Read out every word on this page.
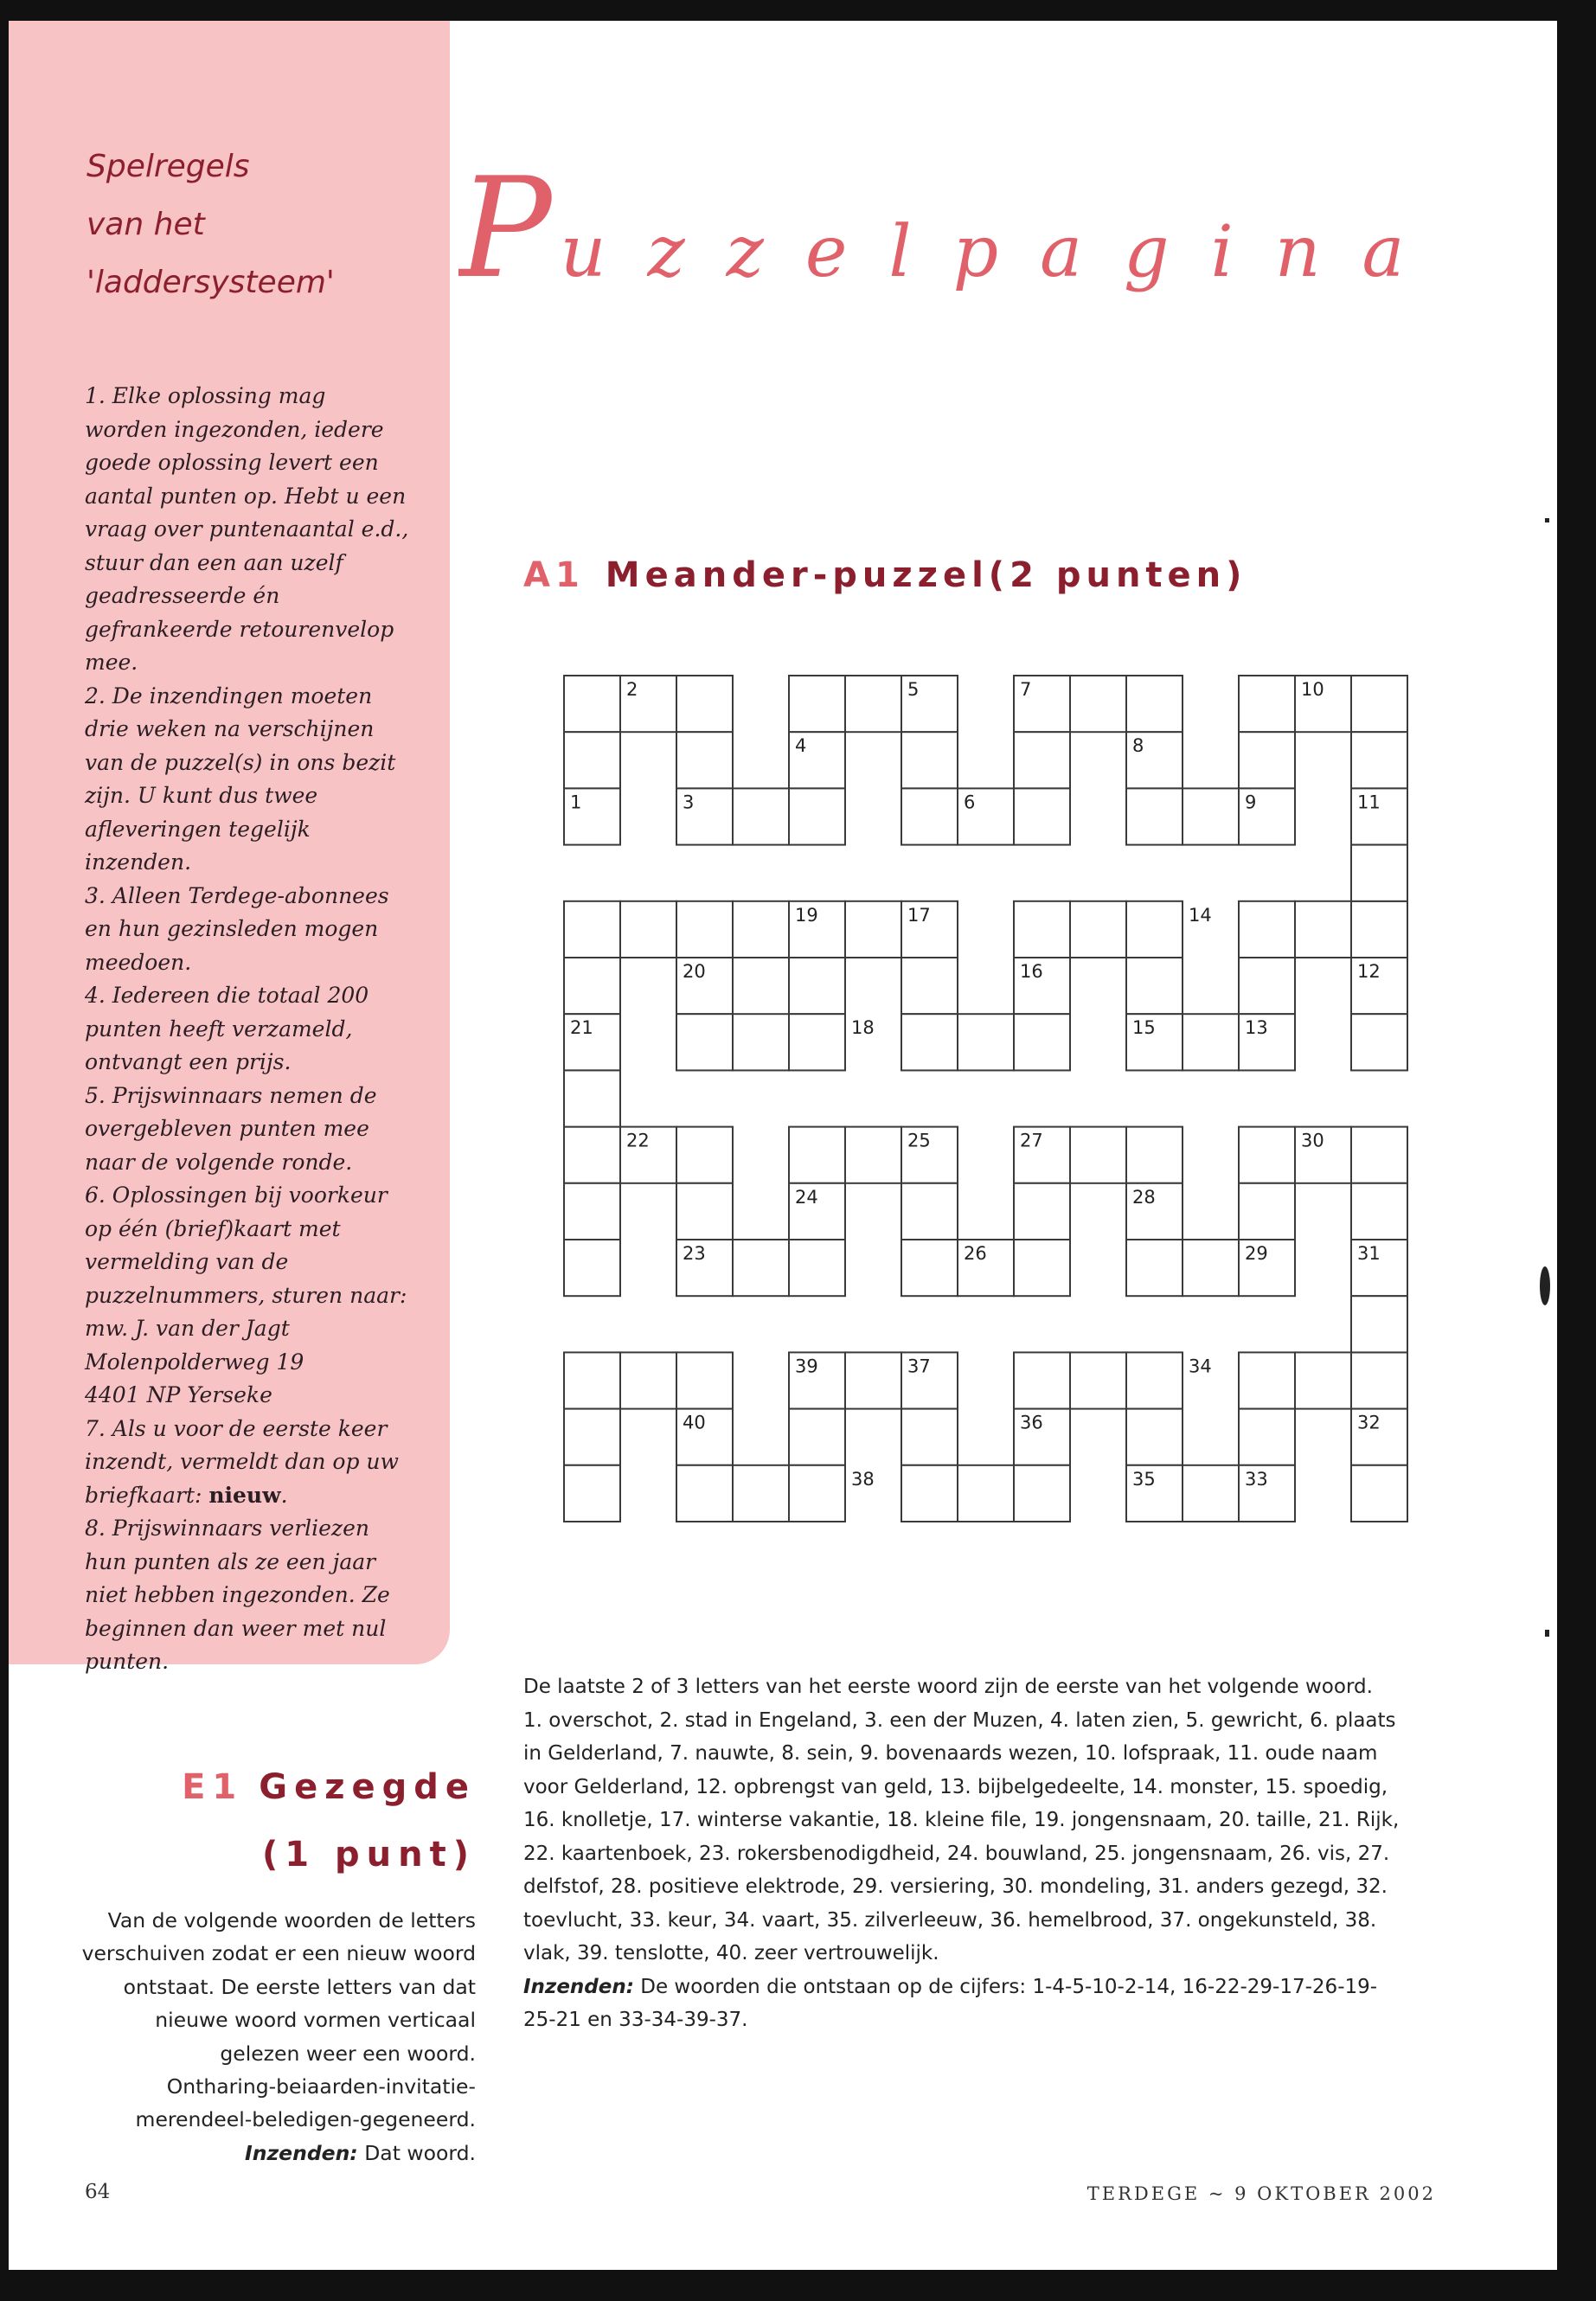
Spelregels
van het
'laddersysteem'

1. Elke oplossing mag worden ingezonden, iedere goede oplossing levert een aantal punten op. Hebt u een vraag over puntenaantal e.d., stuur dan een aan uzelf geadresseerde én gefrankeerde retourenvelop mee.

2. De inzendingen moeten drie weken na verschijnen van de puzzel(s) in ons bezit zijn. U kunt dus twee afleveringen tegelijk inzenden.

3. Alleen Terdege-abonnees en hun gezinsleden mogen meedoen.

4. Iedereen die totaal 200 punten heeft verzameld, ontvangt een prijs.

5. Prijswinnaars nemen de overgebleven punten mee naar de volgende ronde.

6. Oplossingen bij voorkeur op één (brief)kaart met vermelding van de puzzelnummers, sturen naar:

mw. J. van der Jagt

Molenpolderweg 19

4401 NP Yerseke

7. Als u voor de eerste keer inzendt, vermeldt dan op uw briefkaart: nieuw.

8. Prijswinnaars verliezen hun punten als ze een jaar niet hebben ingezonden. Ze beginnen dan weer met nul punten.

Puzzelpagina
A1 Meander-puzzel(2 punten)
2	5	7	10
4	8
1	3	6	9	11
19	17	14
20	16	12
21	18	15	13
22	25	27	30
24	28
23	26	29	31
39	37	34
40	36	32
38	35	33

De laatste 2 of 3 letters van het eerste woord zijn de eerste van het volgende woord.

1. overschot, 2. stad in Engeland, 3. een der Muzen, 4. laten zien, 5. gewricht, 6. plaats in Gelderland, 7. nauwte, 8. sein, 9. bovenaards wezen, 10. lofspraak, 11. oude naam voor Gelderland, 12. opbrengst van geld, 13. bijbelgedeelte, 14. monster, 15. spoedig, 16. knolletje, 17. winterse vakantie, 18. kleine file, 19. jongensnaam, 20. taille, 21. Rijk, 22. kaartenboek, 23. rokersbenodigdheid, 24. bouwland, 25. jongensnaam, 26. vis, 27. delfstof, 28. positieve elektrode, 29. versiering, 30. mondeling, 31. anders gezegd, 32. toevlucht, 33. keur, 34. vaart, 35. zilverleeuw, 36. hemelbrood, 37. ongekunsteld, 38. vlak, 39. tenslotte, 40. zeer vertrouwelijk.

Inzenden: De woorden die ontstaan op de cijfers: 1-4-5-10-2-14, 16-22-29-17-26-19-25-21 en 33-34-39-37.

E1 Gezegde
(1 punt)

Van de volgende woorden de letters verschuiven zodat er een nieuw woord ontstaat. De eerste letters van dat nieuwe woord vormen verticaal gelezen weer een woord.

Ontharing-beiaarden-invitatie-merendeel-beledigen-gegeneerd.

Inzenden: Dat woord.

64	TERDEGE ~ 9 OKTOBER 2002
